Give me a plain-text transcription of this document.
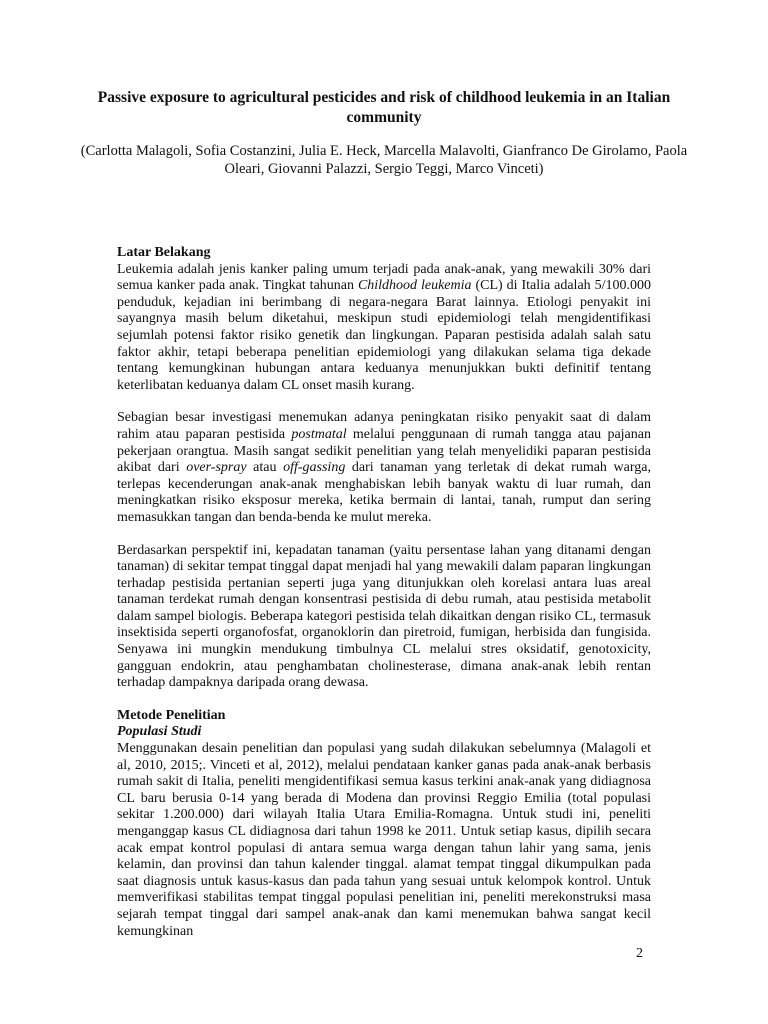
Passive exposure to agricultural pesticides and risk of childhood leukemia in an Italian community
(Carlotta Malagoli, Sofia Costanzini, Julia E. Heck, Marcella Malavolti, Gianfranco De Girolamo, Paola Oleari, Giovanni Palazzi, Sergio Teggi, Marco Vinceti)

Latar Belakang

Leukemia adalah jenis kanker paling umum terjadi pada anak-anak, yang mewakili 30% dari semua kanker pada anak. Tingkat tahunan Childhood leukemia (CL) di Italia adalah 5/100.000 penduduk, kejadian ini berimbang di negara-negara Barat lainnya. Etiologi penyakit ini sayangnya masih belum diketahui, meskipun studi epidemiologi telah mengidentifikasi sejumlah potensi faktor risiko genetik dan lingkungan. Paparan pestisida adalah salah satu faktor akhir, tetapi beberapa penelitian epidemiologi yang dilakukan selama tiga dekade tentang kemungkinan hubungan antara keduanya menunjukkan bukti definitif tentang keterlibatan keduanya dalam CL onset masih kurang.

Sebagian besar investigasi menemukan adanya peningkatan risiko penyakit saat di dalam rahim atau paparan pestisida postmatal melalui penggunaan di rumah tangga atau pajanan pekerjaan orangtua. Masih sangat sedikit penelitian yang telah menyelidiki paparan pestisida akibat dari over-spray atau off-gassing dari tanaman yang terletak di dekat rumah warga, terlepas kecenderungan anak-anak menghabiskan lebih banyak waktu di luar rumah, dan meningkatkan risiko eksposur mereka, ketika bermain di lantai, tanah, rumput dan sering memasukkan tangan dan benda-benda ke mulut mereka.

Berdasarkan perspektif ini, kepadatan tanaman (yaitu persentase lahan yang ditanami dengan tanaman) di sekitar tempat tinggal dapat menjadi hal yang mewakili dalam paparan lingkungan terhadap pestisida pertanian seperti juga yang ditunjukkan oleh korelasi antara luas areal tanaman terdekat rumah dengan konsentrasi pestisida di debu rumah, atau pestisida metabolit dalam sampel biologis. Beberapa kategori pestisida telah dikaitkan dengan risiko CL, termasuk insektisida seperti organofosfat, organoklorin dan piretroid, fumigan, herbisida dan fungisida. Senyawa ini mungkin mendukung timbulnya CL melalui stres oksidatif, genotoxicity, gangguan endokrin, atau penghambatan cholinesterase, dimana anak-anak lebih rentan terhadap dampaknya daripada orang dewasa.

Metode Penelitian

Populasi Studi

Menggunakan desain penelitian dan populasi yang sudah dilakukan sebelumnya (Malagoli et al, 2010, 2015;. Vinceti et al, 2012), melalui pendataan kanker ganas pada anak-anak berbasis rumah sakit di Italia, peneliti mengidentifikasi semua kasus terkini anak-anak yang didiagnosa CL baru berusia 0-14 yang berada di Modena dan provinsi Reggio Emilia (total populasi sekitar 1.200.000) dari wilayah Italia Utara Emilia-Romagna. Untuk studi ini, peneliti menganggap kasus CL didiagnosa dari tahun 1998 ke 2011. Untuk setiap kasus, dipilih secara acak empat kontrol populasi di antara semua warga dengan tahun lahir yang sama, jenis kelamin, dan provinsi dan tahun kalender tinggal. alamat tempat tinggal dikumpulkan pada saat diagnosis untuk kasus-kasus dan pada tahun yang sesuai untuk kelompok kontrol. Untuk memverifikasi stabilitas tempat tinggal populasi penelitian ini, peneliti merekonstruksi masa sejarah tempat tinggal dari sampel anak-anak dan kami menemukan bahwa sangat kecil kemungkinan

2
